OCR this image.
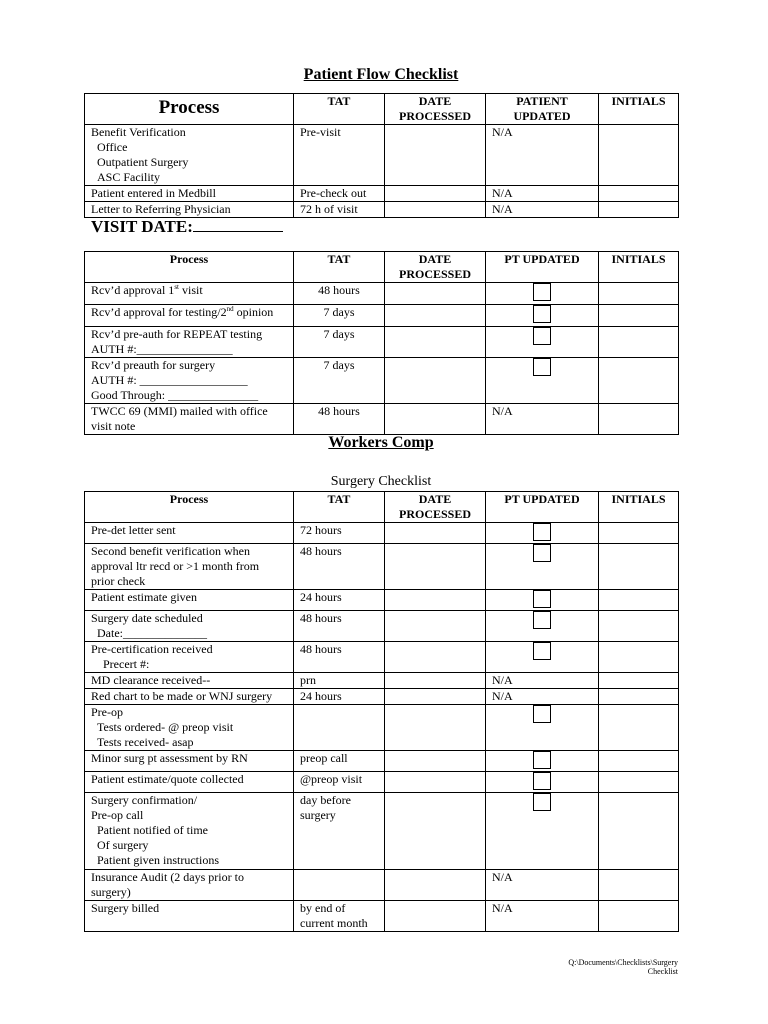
Patient Flow Checklist
Process	TAT	DATE PROCESSED	PATIENT UPDATED	INITIALS

Benefit Verification
Office
Outpatient Surgery
ASC Facility	Pre-visit		N/A	
Patient entered in Medbill	Pre-check out		N/A	
Letter to Referring Physician	72 h of visit		N/A	
VISIT DATE:
Process	TAT	DATE PROCESSED	PT UPDATED	INITIALS
Rcv’d approval 1st visit	48 hours		

Rcv’d approval for testing/2nd opinion	7 days		

Rcv’d pre-auth for REPEAT testing
AUTH #:________________	7 days		

Rcv’d preauth for surgery
AUTH #: __________________
Good Through: _______________	7 days		

TWCC 69 (MMI) mailed with office
visit note	48 hours		N/A	
Workers Comp
Surgery Checklist
Process	TAT	DATE PROCESSED	PT UPDATED	INITIALS
Pre-det letter sent	72 hours		

Second benefit verification when
approval ltr recd or >1 month from
prior check	48 hours		

Patient estimate given	24 hours		

Surgery date scheduled
Date:______________	48 hours		

Pre-certification received
Precert #:	48 hours		

MD clearance received--	prn		N/A	
Red chart to be made or WNJ surgery	24 hours		N/A	

Pre-op
Tests ordered- @ preop visit
Tests received- asap				

Minor surg pt assessment by RN	preop call		

Patient estimate/quote collected	@preop visit		

Surgery confirmation/
Pre-op call
Patient notified of time
Of surgery
Patient given instructions	day before
surgery			

Insurance Audit (2 days prior to
surgery)			N/A	
Surgery billed	by end of
current month		N/A	
Q:\Documents\Checklists\Surgery Checklist
